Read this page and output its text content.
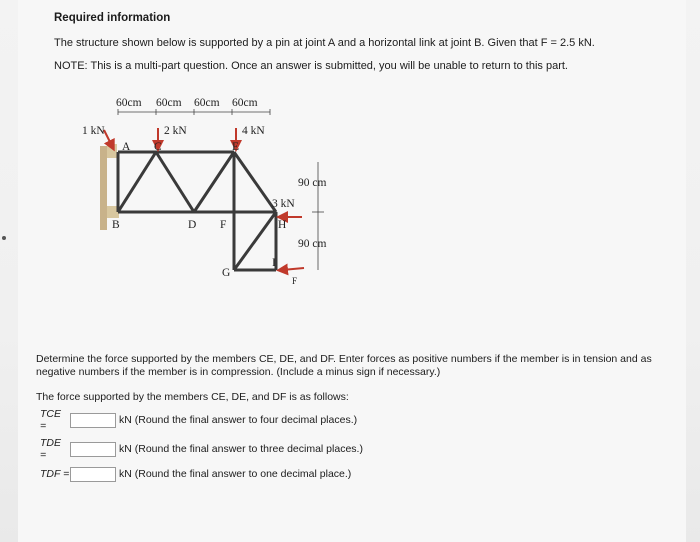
Required information
The structure shown below is supported by a pin at joint A and a horizontal link at joint B. Given that F = 2.5 kN.
NOTE: This is a multi-part question. Once an answer is submitted, you will be unable to return to this part.
60cm 60cm 60cm 60cm
1 kN	2 kN	4 kN
3 kN
90 cm
90 cm
A C	E
B	D F	H
G
I
F
Determine the force supported by the members CE, DE, and DF. Enter forces as positive numbers if the member is in tension and as negative numbers if the member is in compression. (Include a minus sign if necessary.)
The force supported by the members CE, DE, and DF is as follows:
TCE =	kN (Round the final answer to four decimal places.)
TDE =	kN (Round the final answer to three decimal places.)
TDF =	kN (Round the final answer to one decimal place.)
